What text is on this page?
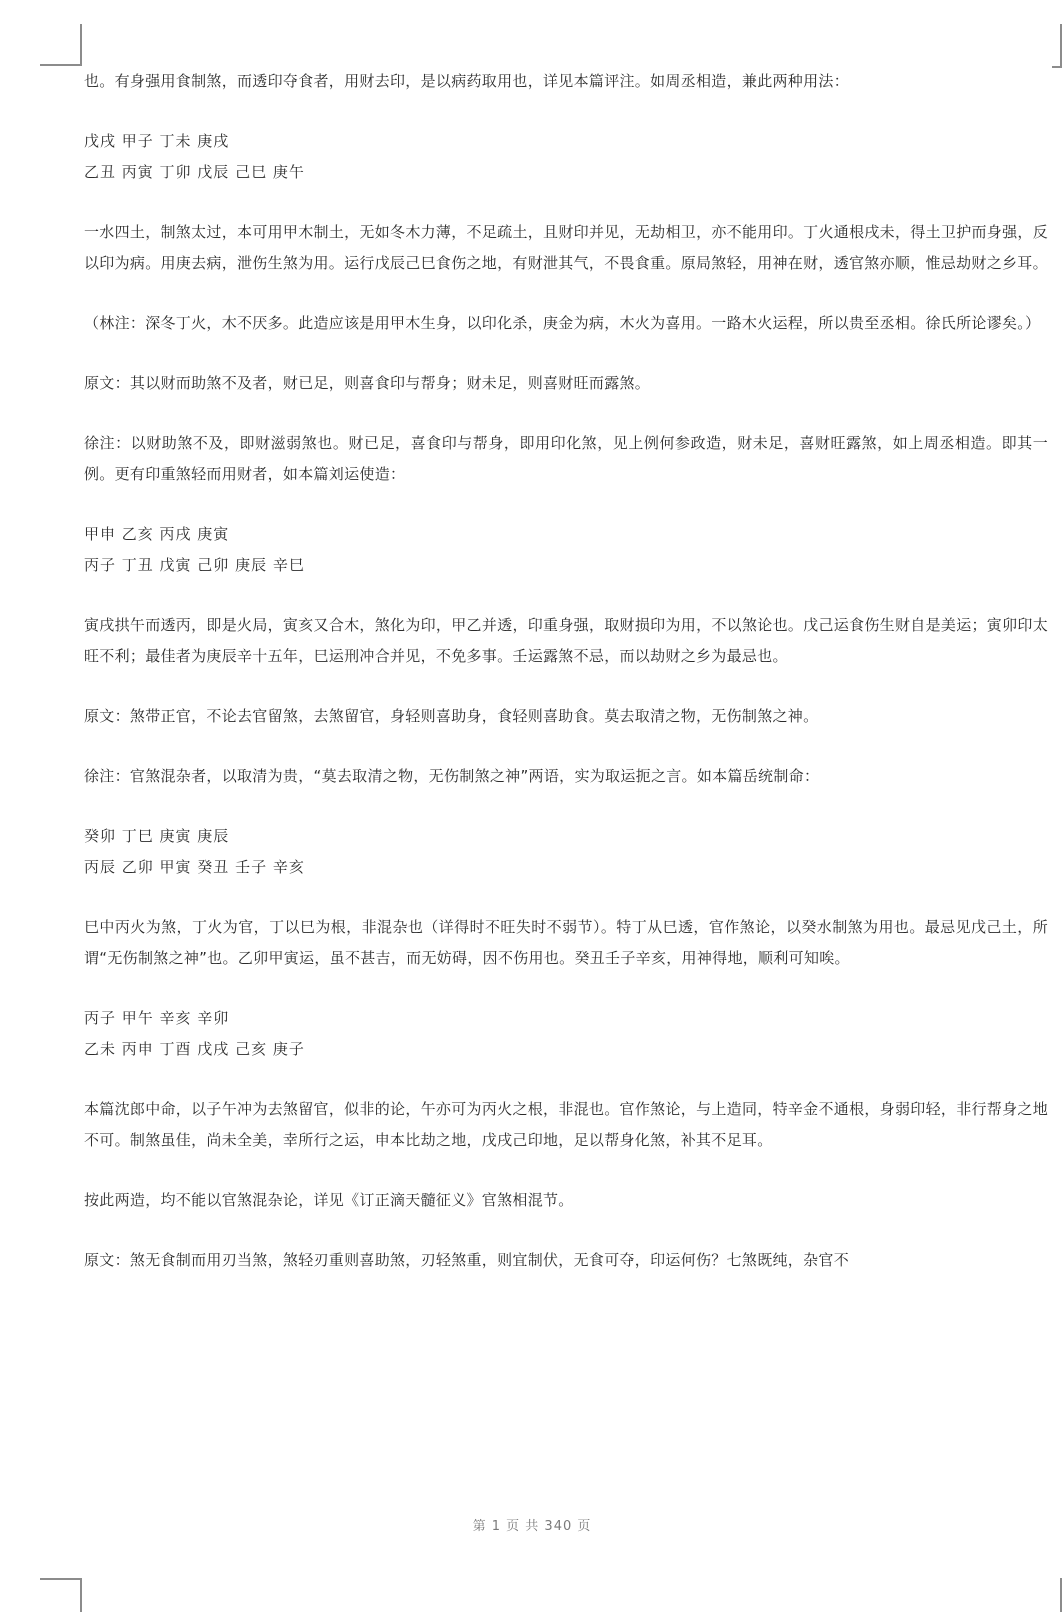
也。有身强用食制煞，而透印夺食者，用财去印，是以病药取用也，详见本篇评注。如周丞相造，兼此两种用法：
戊戌 甲子 丁未 庚戌
乙丑 丙寅 丁卯 戊辰 己巳 庚午
一水四土，制煞太过，本可用甲木制土，无如冬木力薄，不足疏土，且财印并见，无劫相卫，亦不能用印。丁火通根戌未，得土卫护而身强，反以印为病。用庚去病，泄伤生煞为用。运行戊辰己巳食伤之地，有财泄其气，不畏食重。原局煞轻，用神在财，透官煞亦顺，惟忌劫财之乡耳。
（林注：深冬丁火，木不厌多。此造应该是用甲木生身，以印化杀，庚金为病，木火为喜用。一路木火运程，所以贵至丞相。徐氏所论谬矣。）
原文：其以财而助煞不及者，财已足，则喜食印与帮身；财未足，则喜财旺而露煞。
徐注：以财助煞不及，即财滋弱煞也。财已足，喜食印与帮身，即用印化煞，见上例何参政造，财未足，喜财旺露煞，如上周丞相造。即其一例。更有印重煞轻而用财者，如本篇刘运使造：
甲申 乙亥 丙戌 庚寅
丙子 丁丑 戊寅 己卯 庚辰 辛巳
寅戌拱午而透丙，即是火局，寅亥又合木，煞化为印，甲乙并透，印重身强，取财损印为用，不以煞论也。戊己运食伤生财自是美运；寅卯印太旺不利；最佳者为庚辰辛十五年，巳运刑冲合并见，不免多事。壬运露煞不忌，而以劫财之乡为最忌也。
原文：煞带正官，不论去官留煞，去煞留官，身轻则喜助身，食轻则喜助食。莫去取清之物，无伤制煞之神。
徐注：官煞混杂者，以取清为贵，“莫去取清之物，无伤制煞之神”两语，实为取运扼之言。如本篇岳统制命：
癸卯 丁巳 庚寅 庚辰
丙辰 乙卯 甲寅 癸丑 壬子 辛亥
巳中丙火为煞，丁火为官，丁以巳为根，非混杂也（详得时不旺失时不弱节）。特丁从巳透，官作煞论，以癸水制煞为用也。最忌见戊己土，所谓“无伤制煞之神”也。乙卯甲寅运，虽不甚吉，而无妨碍，因不伤用也。癸丑壬子辛亥，用神得地，顺利可知唉。
丙子 甲午 辛亥 辛卯
乙未 丙申 丁酉 戊戌 己亥 庚子
本篇沈郎中命，以子午冲为去煞留官，似非的论，午亦可为丙火之根，非混也。官作煞论，与上造同，特辛金不通根，身弱印轻，非行帮身之地不可。制煞虽佳，尚未全美，幸所行之运，申本比劫之地，戊戌己印地，足以帮身化煞，补其不足耳。
按此两造，均不能以官煞混杂论，详见《订正滴天髓征义》官煞相混节。
原文：煞无食制而用刃当煞，煞轻刃重则喜助煞，刃轻煞重，则宜制伏，无食可夺，印运何伤？七煞既纯，杂官不
第 1 页 共 340 页
